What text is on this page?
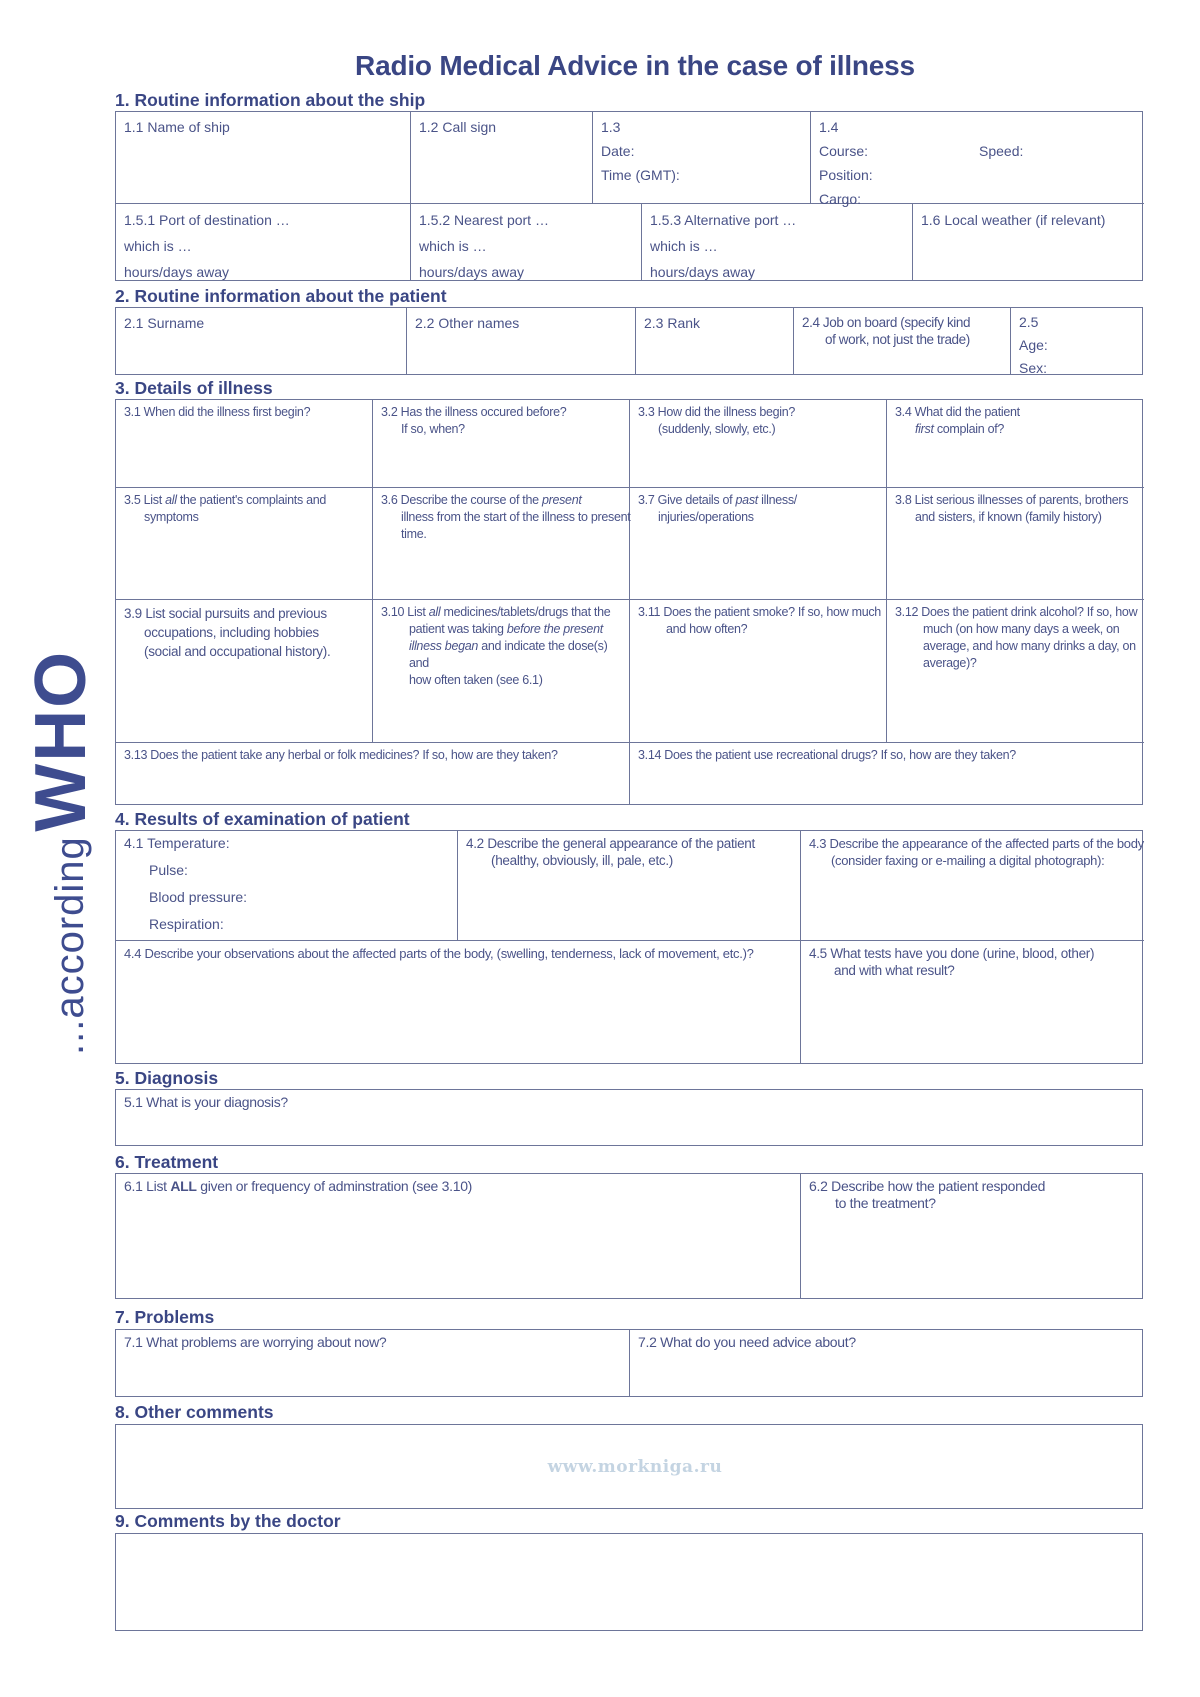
Radio Medical Advice in the case of illness
...according WHO
1. Routine information about the ship
1.1 Name of ship	1.2 Call sign	1.3
Date:
Time (GMT):
1.4
Course:	Speed:
Position:
Cargo:
1.5.1 Port of destination …
which is …
hours/days away
1.5.2 Nearest port …
which is …
hours/days away
1.5.3 Alternative port …
which is …
hours/days away
1.6 Local weather (if relevant)
2. Routine information about the patient
2.1 Surname	2.2 Other names	2.3 Rank	2.4 Job on board (specify kind
of work, not just the trade)
2.5
Age:
Sex:
3. Details of illness
3.1 When did the illness first begin?	3.2 Has the illness occured before?
If so, when?
3.3 How did the illness begin?
(suddenly, slowly, etc.)
3.4 What did the patient
first complain of?
3.5 List all the patient's complaints and
symptoms
3.6 Describe the course of the present
illness from the start of the illness to present
time.
3.7 Give details of past illness/
injuries/operations
3.8 List serious illnesses of parents, brothers
and sisters, if known (family history)
3.9 List social pursuits and previous
occupations, including hobbies
(social and occupational history).
3.10 List all medicines/tablets/drugs that the
patient was taking before the present
illness began and indicate the dose(s) and
how often taken (see 6.1)
3.11 Does the patient smoke? If so, how much
and how often?
3.12 Does the patient drink alcohol? If so, how
much (on how many days a week, on
average, and how many drinks a day, on
average)?
3.13 Does the patient take any herbal or folk medicines? If so, how are they taken?	3.14 Does the patient use recreational drugs? If so, how are they taken?
4. Results of examination of patient
4.1 Temperature:
Pulse:
Blood pressure:
Respiration:
4.2 Describe the general appearance of the patient
(healthy, obviously, ill, pale, etc.)
4.3 Describe the appearance of the affected parts of the body
(consider faxing or e-mailing a digital photograph):
4.4 Describe your observations about the affected parts of the body, (swelling, tenderness, lack of movement, etc.)?	4.5 What tests have you done (urine, blood, other)
and with what result?
5. Diagnosis
5.1 What is your diagnosis?
6. Treatment
6.1 List ALL given or frequency of adminstration (see 3.10)	6.2 Describe how the patient responded
to the treatment?
7. Problems
7.1 What problems are worrying about now?	7.2 What do you need advice about?
8. Other comments
www.morkniga.ru
9. Comments by the doctor
